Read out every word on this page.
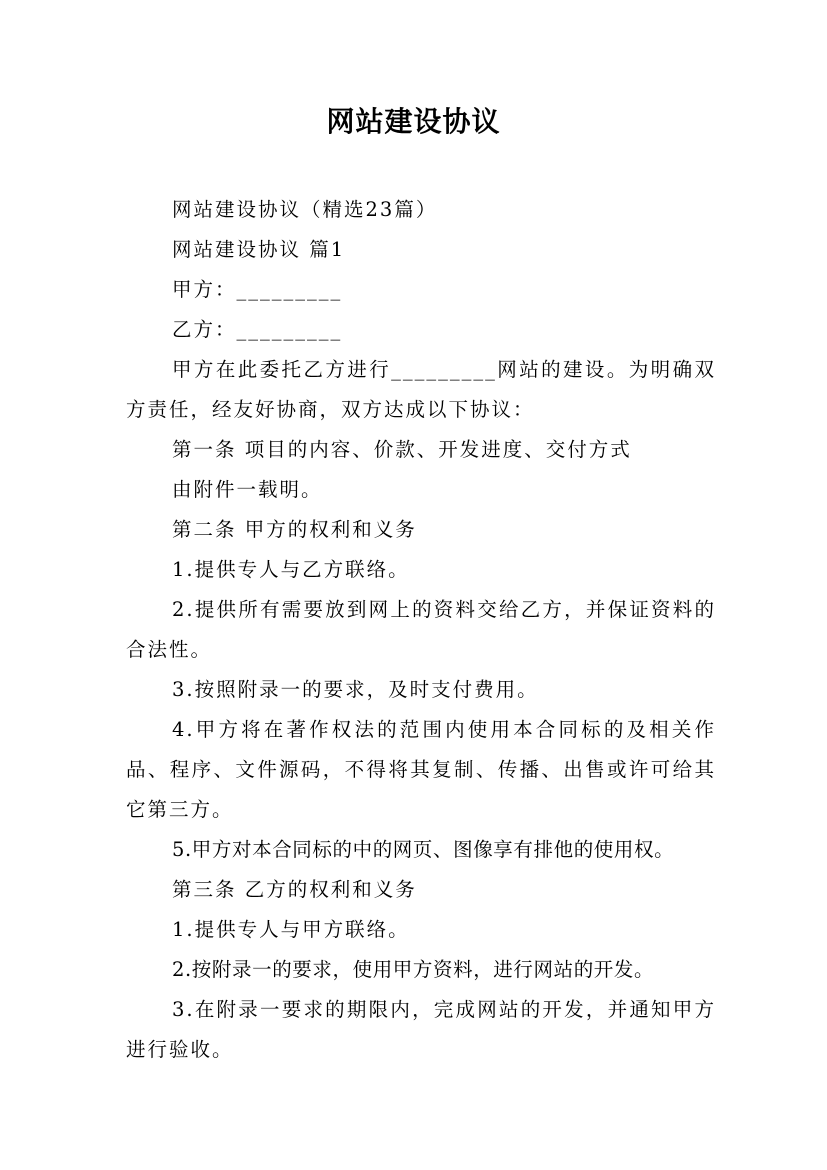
网站建设协议

网站建设协议（精选23篇）

网站建设协议 篇1

甲方：_________

乙方：_________

甲方在此委托乙方进行_________网站的建设。为明确双方责任，经友好协商，双方达成以下协议：

第一条 项目的内容、价款、开发进度、交付方式

由附件一载明。

第二条 甲方的权利和义务

1.提供专人与乙方联络。

2.提供所有需要放到网上的资料交给乙方，并保证资料的合法性。

3.按照附录一的要求，及时支付费用。

4.甲方将在著作权法的范围内使用本合同标的及相关作品、程序、文件源码，不得将其复制、传播、出售或许可给其它第三方。

5.甲方对本合同标的中的网页、图像享有排他的使用权。

第三条 乙方的权利和义务

1.提供专人与甲方联络。

2.按附录一的要求，使用甲方资料，进行网站的开发。

3.在附录一要求的期限内，完成网站的开发，并通知甲方进行验收。
